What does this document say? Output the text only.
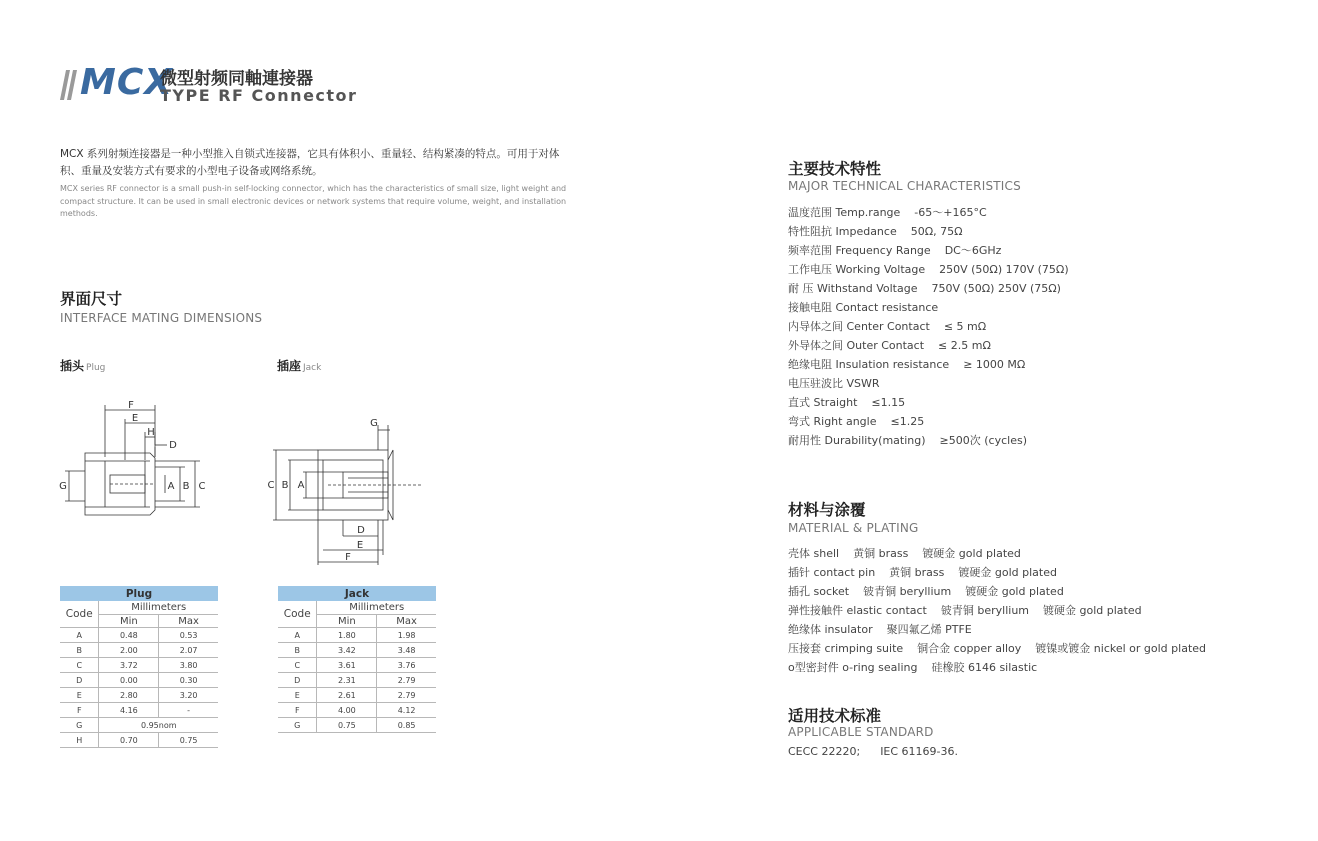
MCX
微型射频同軸連接器
TYPE RF Connector
MCX 系列射频连接器是一种小型推入自锁式连接器，它具有体积小、重量轻、结构紧凑的特点。可用于对体积、重量及安装方式有要求的小型电子设备或网络系统。
MCX series RF connector is a small push-in self-locking connector, which has the characteristics of small size, light weight and compact structure. It can be used in small electronic devices or network systems that require volume, weight, and installation methods.
界面尺寸
INTERFACE MATING DIMENSIONS
插头 Plug	插座 Jack
F
E
H
D
G	A B C
G
C B A
D
E
F
Plug		
Code	Millimeters	
	Min	Max
A	0.48	0.53
B	2.00	2.07
C	3.72	3.80
D	0.00	0.30
E	2.80	3.20
F	4.16	-
G	0.95nom	
H	0.70	0.75
Jack		
Code	Millimeters	
	Min	Max
A	1.80	1.98
B	3.42	3.48
C	3.61	3.76
D	2.31	2.79
E	2.61	2.79
F	4.00	4.12
G	0.75	0.85
主要技术特性
MAJOR TECHNICAL CHARACTERISTICS
温度范围 Temp.range -65～+165°C
特性阻抗 Impedance 50Ω, 75Ω
频率范围 Frequency Range DC～6GHz
工作电压 Working Voltage 250V (50Ω) 170V (75Ω)
耐 压 Withstand Voltage 750V (50Ω) 250V (75Ω)
接触电阻 Contact resistance
内导体之间 Center Contact ≤ 5 mΩ
外导体之间 Outer Contact ≤ 2.5 mΩ
绝缘电阻 Insulation resistance ≥ 1000 MΩ
电压驻波比 VSWR
直式 Straight ≤1.15
弯式 Right angle ≤1.25
耐用性 Durability(mating) ≥500次 (cycles)
材料与涂覆
MATERIAL & PLATING
壳体 shell 黄铜 brass 镀硬金 gold plated
插针 contact pin 黄铜 brass 镀硬金 gold plated
插孔 socket 铍青铜 beryllium 镀硬金 gold plated
弹性接触件 elastic contact 铍青铜 beryllium 镀硬金 gold plated
绝缘体 insulator 聚四氟乙烯 PTFE
压接套 crimping suite 铜合金 copper alloy 镀镍或镀金 nickel or gold plated
o型密封件 o-ring sealing 硅橡胶 6146 silastic
适用技术标准
APPLICABLE STANDARD
CECC 22220; IEC 61169-36.
